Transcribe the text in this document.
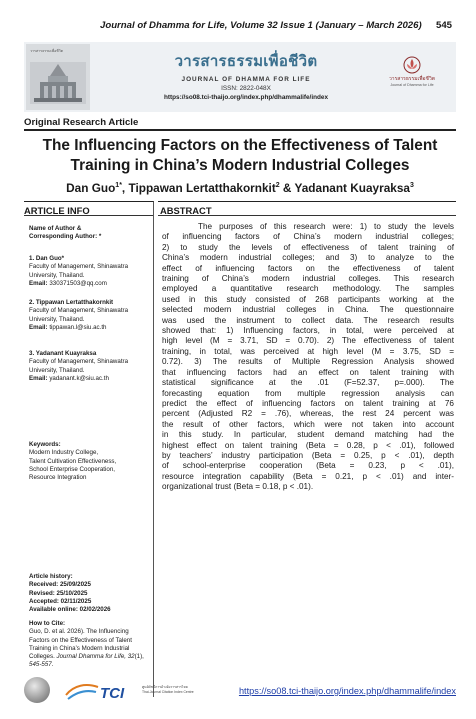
Journal of Dhamma for Life, Volume 32 Issue 1 (January – March 2026) 545
วารสารธรรมเพื่อชีวิต
วารสารธรรมเพื่อชีวิต
JOURNAL OF DHAMMA FOR LIFE
ISSN: 2822-048X
https://so08.tci-thaijo.org/index.php/dhammalife/index
วารสารธรรมเพื่อชีวิต
Journal of Dhamma for Life
Original Research Article
The Influencing Factors on the Effectiveness of Talent
Training in China’s Modern Industrial Colleges
Dan Guo$^{1*}$, Tippawan Lertatthakornkit$^2$ & Yadanant Kuayraksa$^3$
ARTICLE INFO
Name of Author &
Corresponding Author: *
1. Dan Guo*
Faculty of Management, Shinawatra
University, Thailand.
Email: 330371503@qq.com
2. Tippawan Lertatthakornkit
Faculty of Management, Shinawatra
University, Thailand.
Email: tippawan.l@siu.ac.th
3. Yadanant Kuayraksa
Faculty of Management, Shinawatra
University, Thailand.
Email: yadanant.k@siu.ac.th
Keywords:
Modern Industry College,
Talent Cultivation Effectiveness,
School Enterprise Cooperation,
Resource Integration
Article history:
Received: 25/09/2025
Revised: 25/10/2025
Accepted: 02/11/2025
Available online: 02/02/2026
How to Cite:
Guo, D. et al. 2026). The Influencing
Factors on the Effectiveness of Talent
Training in China’s Modern Industrial
Colleges. Journal Dhamma for Life, 32(1),
545-557.
ABSTRACT
The purposes of this research were: 1) to study the levels
of influencing factors of China’s modern industrial colleges;
2) to study the levels of effectiveness of talent training of
China’s modern industrial colleges; and 3) to analyze to the
effect of influencing factors on the effectiveness of talent
training of China’s modern industrial colleges. This research
employed a quantitative research methodology. The samples
used in this study consisted of 268 participants working at the
selected modern industrial colleges in China. The questionnaire
was used the instrument to collect data. The research results
showed that: 1) Influencing factors, in total, were perceived at
high level (M = 3.71, SD = 0.70). 2) The effectiveness of talent
training, in total, was perceived at high level (M = 3.75, SD =
0.72). 3) The results of Multiple Regression Analysis showed
that influencing factors had an effect on talent training with
statistical significance at the .01 (F=52.37, p=.000). The
forecasting equation from multiple regression analysis can
predict the effect of influencing factors on talent training at 76
percent (Adjusted R2 = .76), whereas, the rest 24 percent was
the result of other factors, which were not taken into account
in this study. In particular, student demand matching had the
highest effect on talent training (Beta = 0.28, p < .01), followed
by teachers’ industry participation (Beta = 0.25, p < .01), depth
of school-enterprise cooperation (Beta = 0.23, p < .01),
resource integration capability (Beta = 0.21, p < .01) and inter-
organizational trust (Beta = 0.18, p < .01).
TCI	ศูนย์ดัชนีการอ้างอิงวารสารไทย
Thai-Journal Citation Index Centre	https://so08.tci-thaijo.org/index.php/dhammalife/index
